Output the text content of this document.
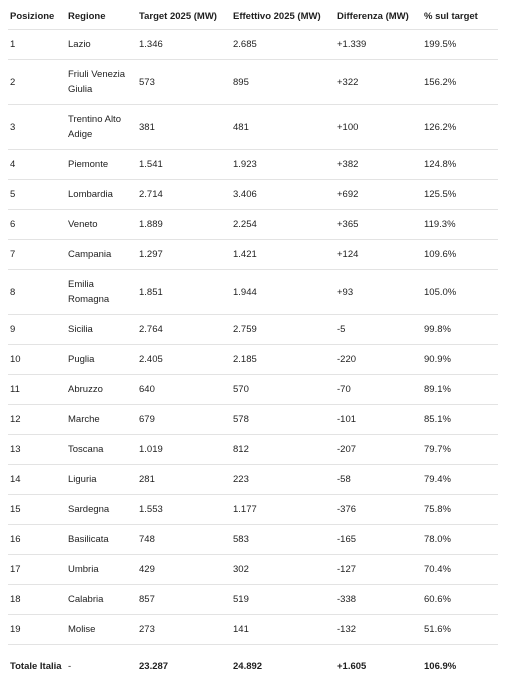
Posizione	Regione	Target 2025 (MW)	Effettivo 2025 (MW)	Differenza (MW)	% sul target
1	Lazio	1.346	2.685	+1.339	199.5%
2	Friuli Venezia Giulia	573	895	+322	156.2%
3	Trentino Alto Adige	381	481	+100	126.2%
4	Piemonte	1.541	1.923	+382	124.8%
5	Lombardia	2.714	3.406	+692	125.5%
6	Veneto	1.889	2.254	+365	119.3%
7	Campania	1.297	1.421	+124	109.6%
8	Emilia Romagna	1.851	1.944	+93	105.0%
9	Sicilia	2.764	2.759	-5	99.8%
10	Puglia	2.405	2.185	-220	90.9%
11	Abruzzo	640	570	-70	89.1%
12	Marche	679	578	-101	85.1%
13	Toscana	1.019	812	-207	79.7%
14	Liguria	281	223	-58	79.4%
15	Sardegna	1.553	1.177	-376	75.8%
16	Basilicata	748	583	-165	78.0%
17	Umbria	429	302	-127	70.4%
18	Calabria	857	519	-338	60.6%
19	Molise	273	141	-132	51.6%
Totale Italia	-	23.287	24.892	+1.605	106.9%
